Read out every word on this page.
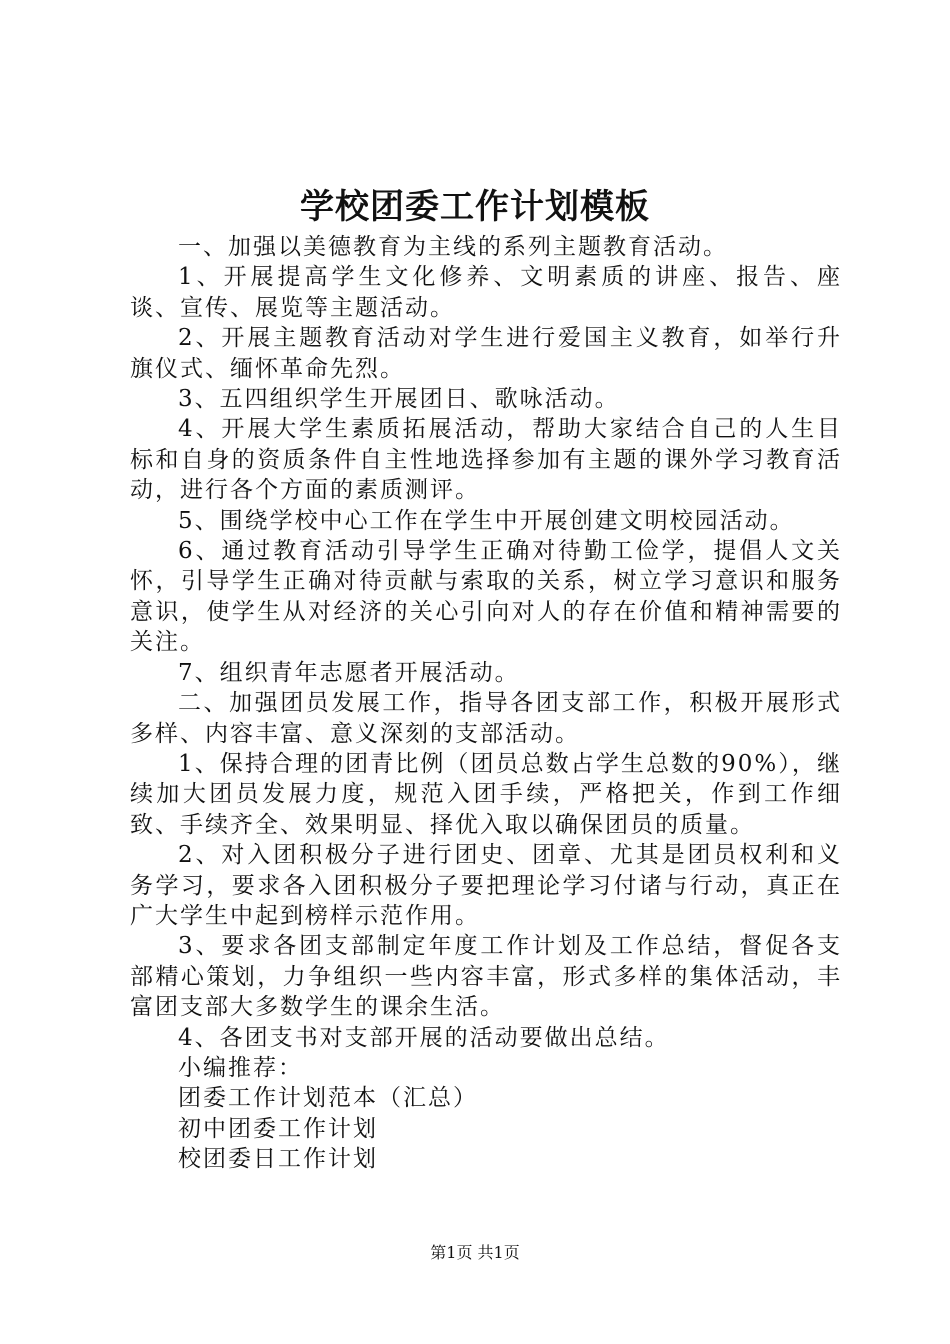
学校团委工作计划模板

一、加强以美德教育为主线的系列主题教育活动。

1、开展提高学生文化修养、文明素质的讲座、报告、座谈、宣传、展览等主题活动。

2、开展主题教育活动对学生进行爱国主义教育，如举行升旗仪式、缅怀革命先烈。

3、五四组织学生开展团日、歌咏活动。

4、开展大学生素质拓展活动，帮助大家结合自己的人生目标和自身的资质条件自主性地选择参加有主题的课外学习教育活动，进行各个方面的素质测评。

5、围绕学校中心工作在学生中开展创建文明校园活动。

6、通过教育活动引导学生正确对待勤工俭学，提倡人文关怀，引导学生正确对待贡献与索取的关系，树立学习意识和服务意识，使学生从对经济的关心引向对人的存在价值和精神需要的关注。

7、组织青年志愿者开展活动。

二、加强团员发展工作，指导各团支部工作，积极开展形式多样、内容丰富、意义深刻的支部活动。

1、保持合理的团青比例（团员总数占学生总数的90%），继续加大团员发展力度，规范入团手续，严格把关，作到工作细致、手续齐全、效果明显、择优入取以确保团员的质量。

2、对入团积极分子进行团史、团章、尤其是团员权利和义务学习，要求各入团积极分子要把理论学习付诸与行动，真正在广大学生中起到榜样示范作用。

3、要求各团支部制定年度工作计划及工作总结，督促各支部精心策划，力争组织一些内容丰富，形式多样的集体活动，丰富团支部大多数学生的课余生活。

4、各团支书对支部开展的活动要做出总结。

小编推荐：

团委工作计划范本（汇总）

初中团委工作计划

校团委日工作计划

第1页 共1页
